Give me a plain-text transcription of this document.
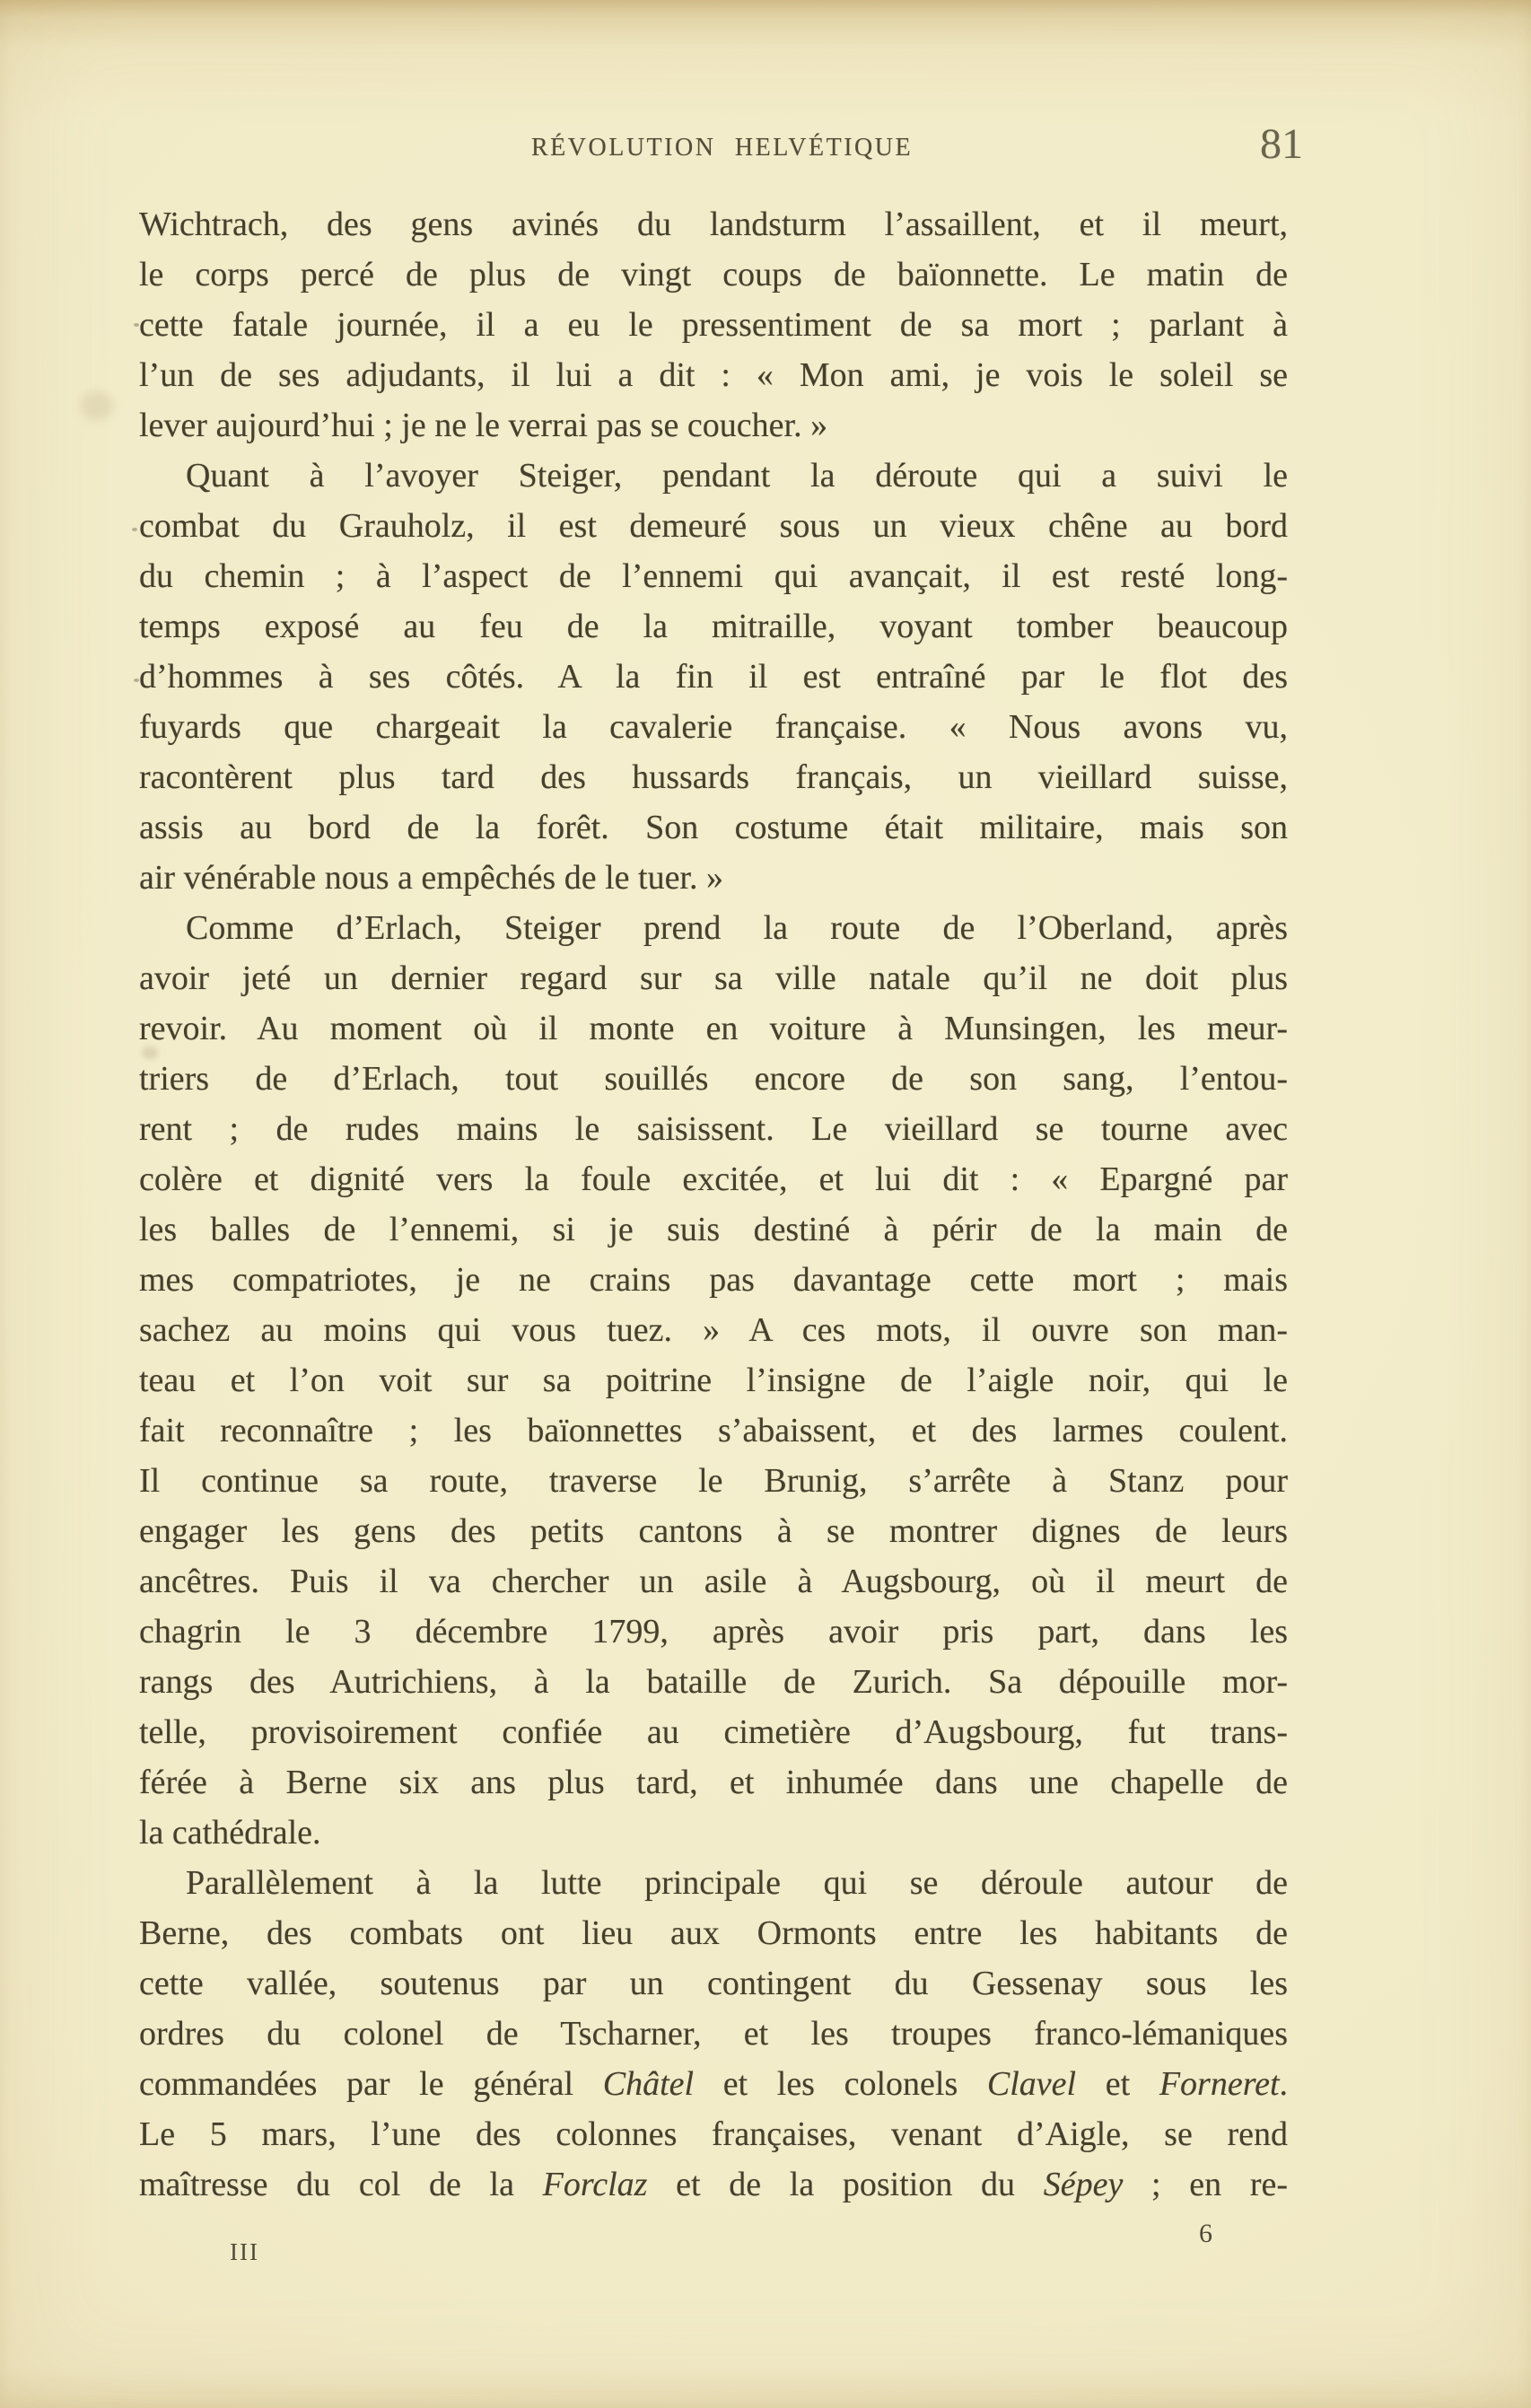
RÉVOLUTION HELVÉTIQUE	81
Wichtrach, des gens avinés du landsturm l’assaillent, et il meurt,
le corps percé de plus de vingt coups de baïonnette. Le matin de
cette fatale journée, il a eu le pressentiment de sa mort ; parlant à
l’un de ses adjudants, il lui a dit : « Mon ami, je vois le soleil se
lever aujourd’hui ; je ne le verrai pas se coucher. »
Quant à l’avoyer Steiger, pendant la déroute qui a suivi le
combat du Grauholz, il est demeuré sous un vieux chêne au bord
du chemin ; à l’aspect de l’ennemi qui avançait, il est resté long-
temps exposé au feu de la mitraille, voyant tomber beaucoup
d’hommes à ses côtés. A la fin il est entraîné par le flot des
fuyards que chargeait la cavalerie française. « Nous avons vu,
racontèrent plus tard des hussards français, un vieillard suisse,
assis au bord de la forêt. Son costume était militaire, mais son
air vénérable nous a empêchés de le tuer. »
Comme d’Erlach, Steiger prend la route de l’Oberland, après
avoir jeté un dernier regard sur sa ville natale qu’il ne doit plus
revoir. Au moment où il monte en voiture à Munsingen, les meur-
triers de d’Erlach, tout souillés encore de son sang, l’entou-
rent ; de rudes mains le saisissent. Le vieillard se tourne avec
colère et dignité vers la foule excitée, et lui dit : « Epargné par
les balles de l’ennemi, si je suis destiné à périr de la main de
mes compatriotes, je ne crains pas davantage cette mort ; mais
sachez au moins qui vous tuez. » A ces mots, il ouvre son man-
teau et l’on voit sur sa poitrine l’insigne de l’aigle noir, qui le
fait reconnaître ; les baïonnettes s’abaissent, et des larmes coulent.
Il continue sa route, traverse le Brunig, s’arrête à Stanz pour
engager les gens des petits cantons à se montrer dignes de leurs
ancêtres. Puis il va chercher un asile à Augsbourg, où il meurt de
chagrin le 3 décembre 1799, après avoir pris part, dans les
rangs des Autrichiens, à la bataille de Zurich. Sa dépouille mor-
telle, provisoirement confiée au cimetière d’Augsbourg, fut trans-
férée à Berne six ans plus tard, et inhumée dans une chapelle de
la cathédrale.
Parallèlement à la lutte principale qui se déroule autour de
Berne, des combats ont lieu aux Ormonts entre les habitants de
cette vallée, soutenus par un contingent du Gessenay sous les
ordres du colonel de Tscharner, et les troupes franco-lémaniques
commandées par le général Châtel et les colonels Clavel et Forneret.
Le 5 mars, l’une des colonnes françaises, venant d’Aigle, se rend
maîtresse du col de la Forclaz et de la position du Sépey ; en re-
III
6
